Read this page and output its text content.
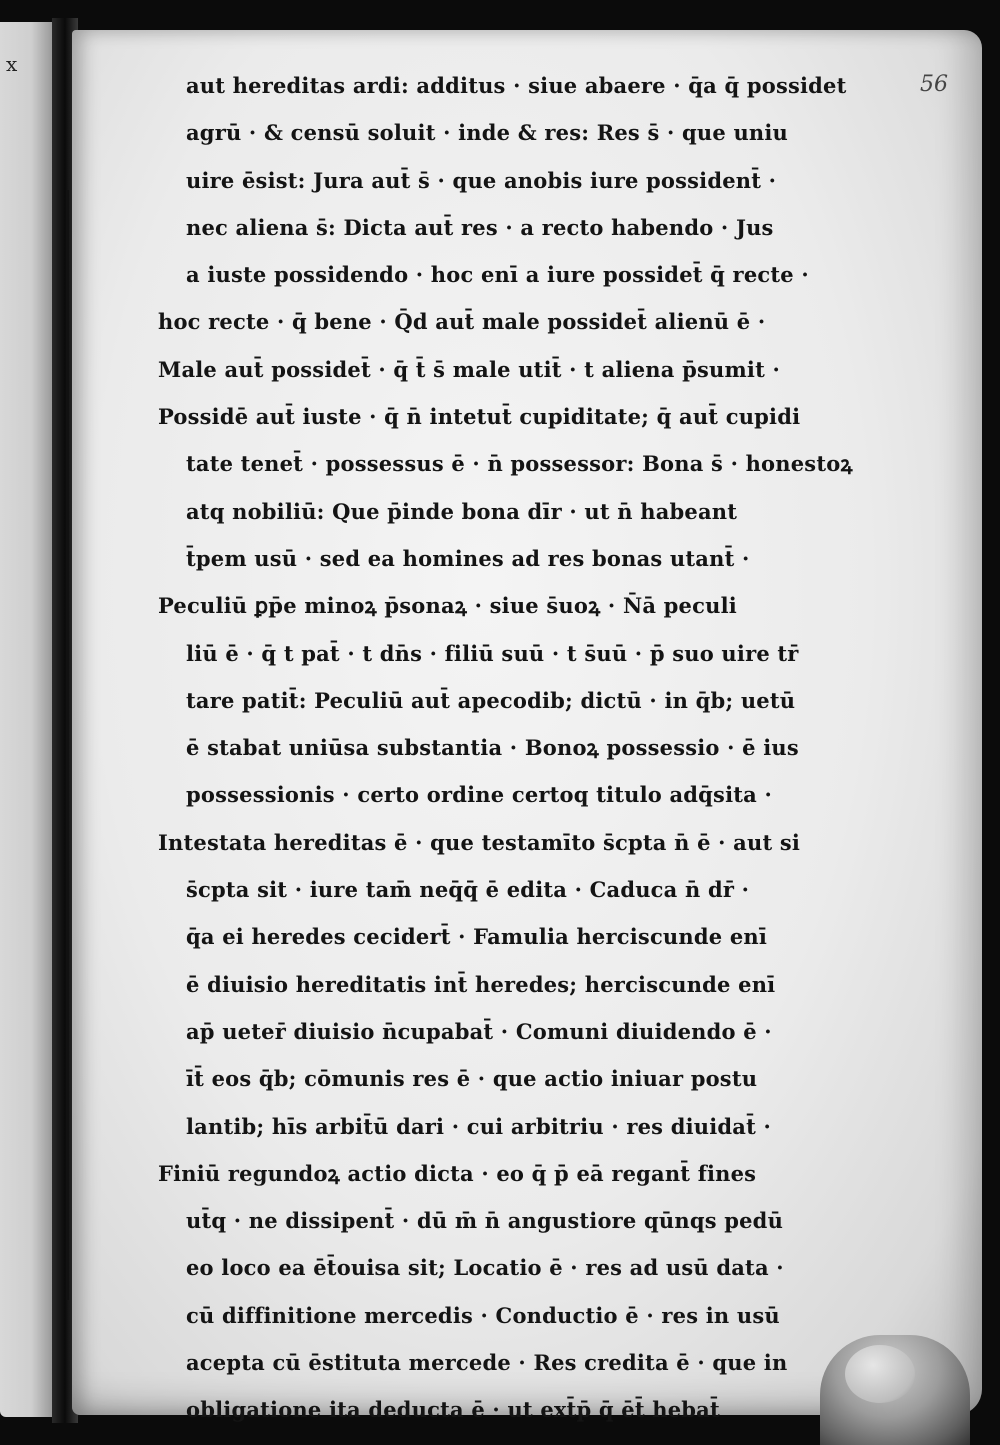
x
56
aut hereditas ardi: additus · siue abaere · q̄a q̄ possidet
agrū · & censū soluit · inde & res: Res s̄ · que uniu
uire ēsist: Jura aut̄ s̄ · que anobis iure possident̄ ·
nec aliena s̄: Dicta aut̄ res · a recto habendo · Jus
a iuste possidendo · hoc enī a iure possidet̄ q̄ recte ·
hoc recte · q̄ bene · Q̄d aut̄ male possidet̄ alienū ē ·
Male aut̄ possidet̄ · q̄ t̄ s̄ male utit̄ · t aliena p̄sumit ·
Possidē aut̄ iuste · q̄ n̄ intetut̄ cupiditate; q̄ aut̄ cupidi
tate tenet̄ · possessus ē · n̄ possessor: Bona s̄ · honestoꝝ
atq nobiliū: Que p̄inde bona dīr · ut n̄ habeant
t̄pem usū · sed ea homines ad res bonas utant̄ ·
Peculiū ꝑp̄e minoꝝ p̄sonaꝝ · siue s̄uoꝝ · N̄ā peculi
liū ē · q̄ t pat̄ · t dn̄s · filiū suū · t s̄uū · p̄ suo uire tr̄
tare patit̄: Peculiū aut̄ apecodib; dictū · in q̄b; uetū
ē stabat uniūsa substantia · Bonoꝝ possessio · ē ius
possessionis · certo ordine certoq titulo adq̄sita ·
Intestata hereditas ē · que testamīto s̄cpta n̄ ē · aut si
s̄cpta sit · iure tam̄ neq̄q̄ ē edita · Caduca n̄ dr̄ ·
q̄a ei heredes cecidert̄ · Famulia herciscunde enī
ē diuisio hereditatis int̄ heredes; herciscunde enī
ap̄ ueter̄ diuisio n̄cupabat̄ · Comuni diuidendo ē ·
īt̄ eos q̄b; cōmunis res ē · que actio iniuar postu
lantib; hīs arbit̄ū dari · cui arbitriu · res diuidat̄ ·
Finiū regundoꝝ actio dicta · eo q̄ p̄ eā regant̄ fines
ut̄q · ne dissipent̄ · dū m̄ n̄ angustiore qūnqs pedū
eo loco ea ēt̄ouisa sit; Locatio ē · res ad usū data ·
cū diffinitione mercedis · Conductio ē · res in usū
acepta cū ēstituta mercede · Res credita ē · que in
obligatione ita deducta ē · ut ext̄p̄ q̄ ēt̄ hebat̄
